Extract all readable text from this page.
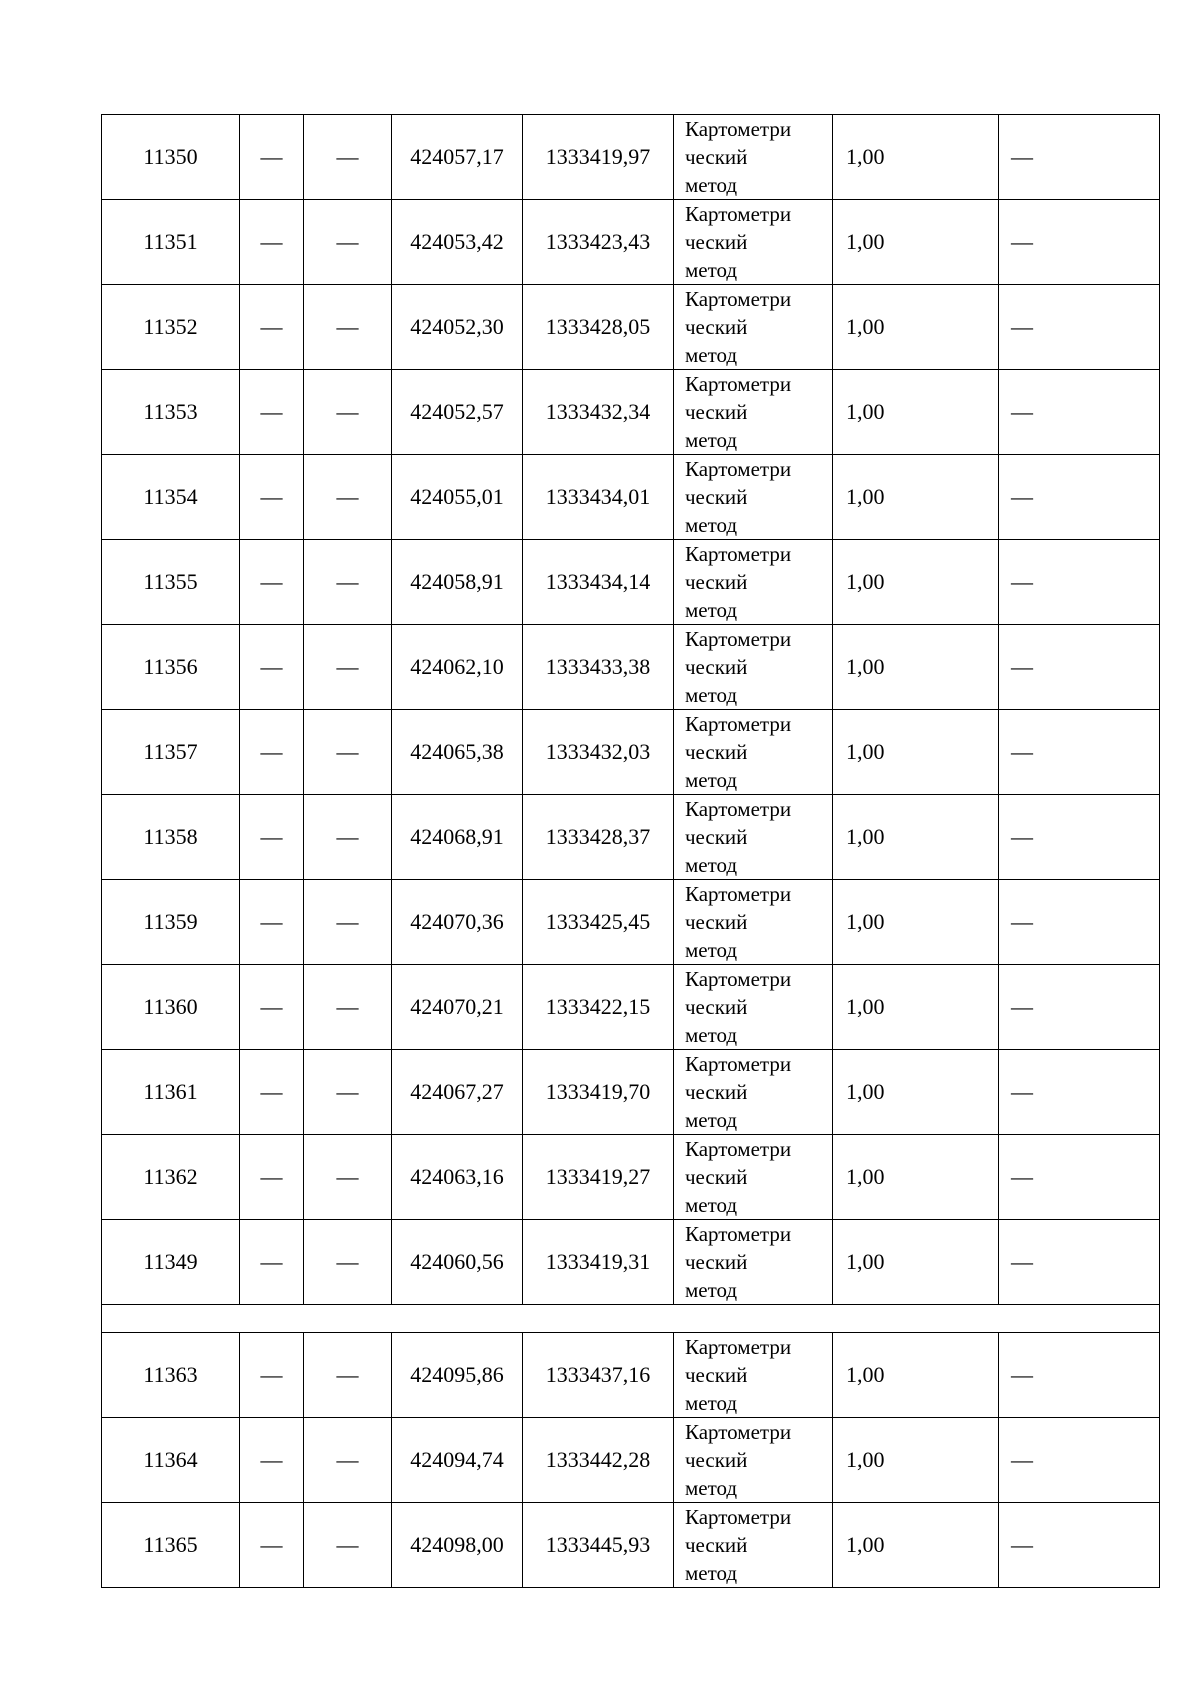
11350	—	—	424057,17	1333419,97	Картометри
ческий
метод	1,00	—
11351	—	—	424053,42	1333423,43	Картометри
ческий
метод	1,00	—
11352	—	—	424052,30	1333428,05	Картометри
ческий
метод	1,00	—
11353	—	—	424052,57	1333432,34	Картометри
ческий
метод	1,00	—
11354	—	—	424055,01	1333434,01	Картометри
ческий
метод	1,00	—
11355	—	—	424058,91	1333434,14	Картометри
ческий
метод	1,00	—
11356	—	—	424062,10	1333433,38	Картометри
ческий
метод	1,00	—
11357	—	—	424065,38	1333432,03	Картометри
ческий
метод	1,00	—
11358	—	—	424068,91	1333428,37	Картометри
ческий
метод	1,00	—
11359	—	—	424070,36	1333425,45	Картометри
ческий
метод	1,00	—
11360	—	—	424070,21	1333422,15	Картометри
ческий
метод	1,00	—
11361	—	—	424067,27	1333419,70	Картометри
ческий
метод	1,00	—
11362	—	—	424063,16	1333419,27	Картометри
ческий
метод	1,00	—
11349	—	—	424060,56	1333419,31	Картометри
ческий
метод	1,00	—

11363	—	—	424095,86	1333437,16	Картометри
ческий
метод	1,00	—
11364	—	—	424094,74	1333442,28	Картометри
ческий
метод	1,00	—
11365	—	—	424098,00	1333445,93	Картометри
ческий
метод	1,00	—
